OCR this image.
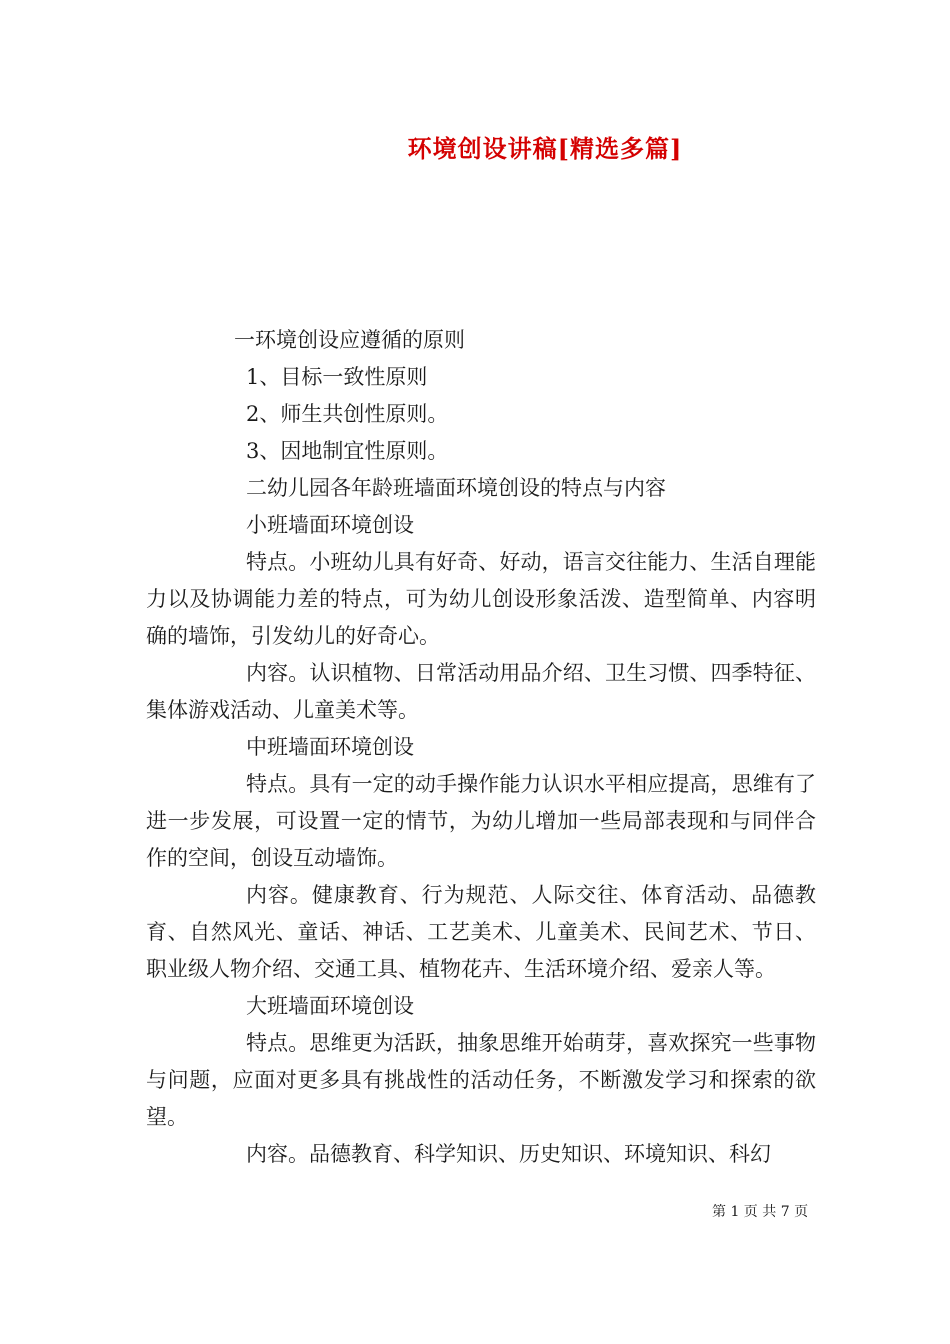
环境创设讲稿[精选多篇]
一环境创设应遵循的原则
1、目标一致性原则
2、师生共创性原则。
3、因地制宜性原则。
二幼儿园各年龄班墙面环境创设的特点与内容
小班墙面环境创设

特点。小班幼儿具有好奇、好动，语言交往能力、生活自理能力以及协调能力差的特点，可为幼儿创设形象活泼、造型简单、内容明确的墙饰，引发幼儿的好奇心。

内容。认识植物、日常活动用品介绍、卫生习惯、四季特征、集体游戏活动、儿童美术等。

中班墙面环境创设

特点。具有一定的动手操作能力认识水平相应提高，思维有了进一步发展，可设置一定的情节，为幼儿增加一些局部表现和与同伴合作的空间，创设互动墙饰。

内容。健康教育、行为规范、人际交往、体育活动、品德教育、自然风光、童话、神话、工艺美术、儿童美术、民间艺术、节日、职业级人物介绍、交通工具、植物花卉、生活环境介绍、爱亲人等。

大班墙面环境创设

特点。思维更为活跃，抽象思维开始萌芽，喜欢探究一些事物与问题，应面对更多具有挑战性的活动任务，不断激发学习和探索的欲望。

内容。品德教育、科学知识、历史知识、环境知识、科幻

第 1 页 共 7 页
